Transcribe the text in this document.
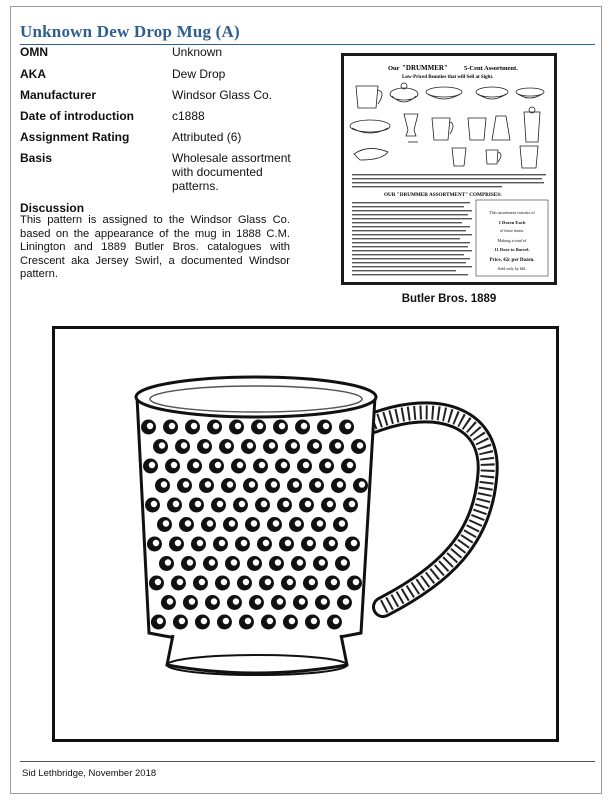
Unknown Dew Drop Mug (A)
OMN	Unknown
AKA	Dew Drop
Manufacturer	Windsor Glass Co.
Date of introduction	c1888
Assignment Rating	Attributed (6)
Basis	Wholesale assortment with documented patterns.
Discussion
This pattern is assigned to the Windsor Glass Co. based on the appearance of the mug in 1888 C.M. Linington and 1889 Butler Bros. catalogues with Crescent aka Jersey Swirl, a documented Windsor pattern.
Our "DRUMMER" 5-Cent Assortment.
Low-Priced Beauties that will Sell at Sight.
OUR "DRUMMER ASSORTMENT" COMPRISES:
This assortment consists of
1 Dozen Each
of these items.
Making a total of
11 Doze to Barrel.
Price, 42c per Dozen.
Sold only by bbl.
Butler Bros. 1889
Sid Lethbridge, November 2018
